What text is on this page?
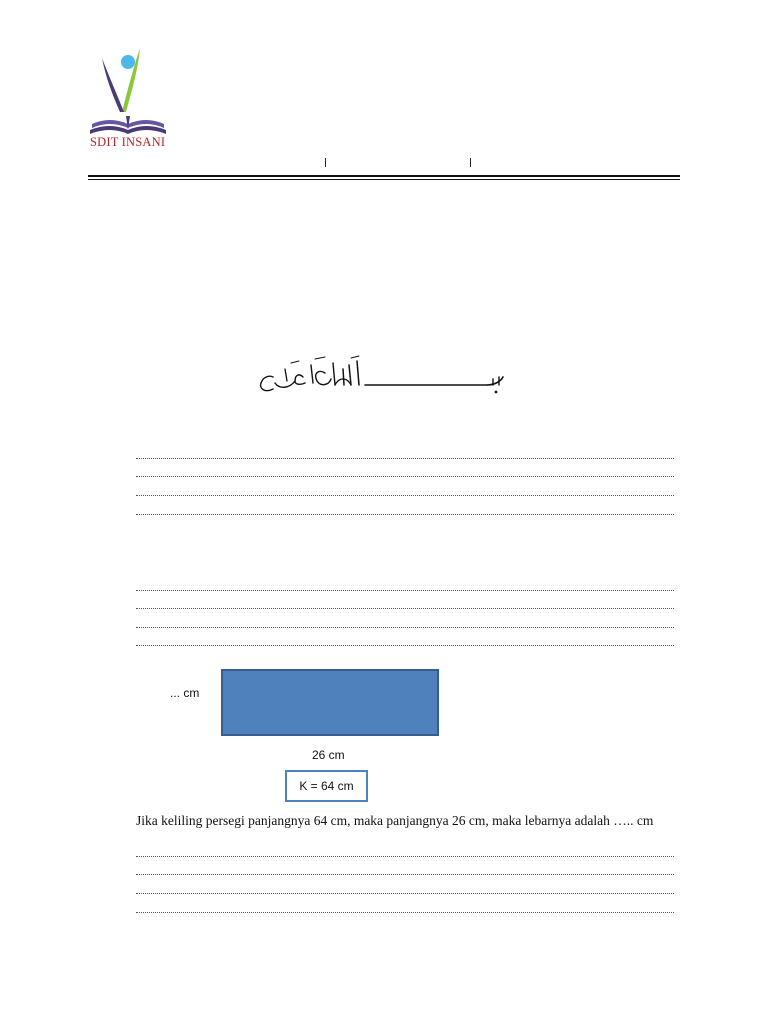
SDIT INSANI
... cm
26 cm
K = 64 cm
Jika keliling persegi panjangnya 64 cm, maka panjangnya 26 cm, maka lebarnya adalah ….. cm
